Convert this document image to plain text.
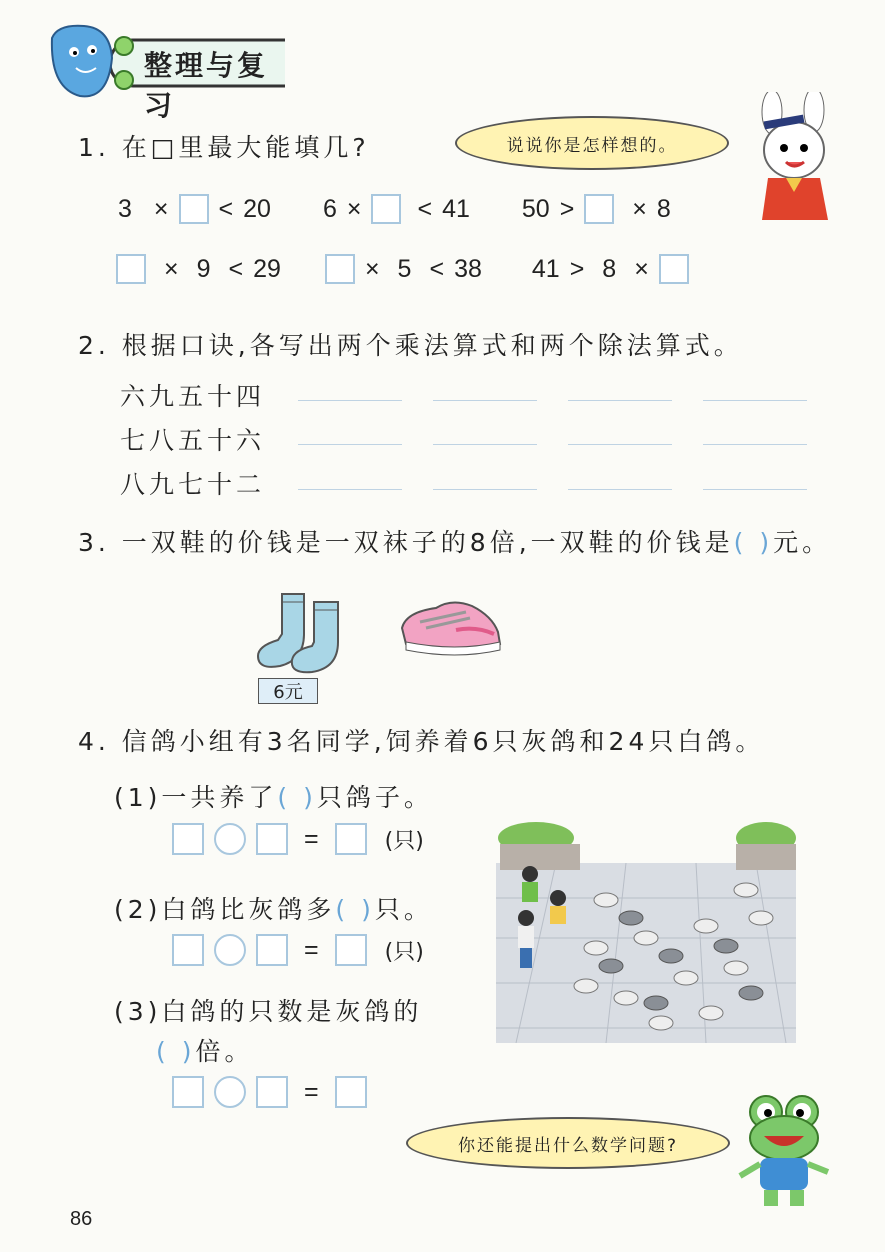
整理与复习
1. 在□里最大能填几?	说说你是怎样想的。
3 × < 20 6 × < 41 50 > × 8
× 9 < 29	× 5 < 38 41 > 8 ×
2. 根据口诀,各写出两个乘法算式和两个除法算式。
六九五十四
七八五十六
八九七十二
3. 一双鞋的价钱是一双袜子的8倍,一双鞋的价钱是( )元。
6元
4. 信鸽小组有3名同学,饲养着6只灰鸽和24只白鸽。
(1)一共养了( )只鸽子。
=	(只)
(2)白鸽比灰鸽多( )只。
=	(只)
(3)白鸽的只数是灰鸽的
( )倍。
=
你还能提出什么数学问题?
86
